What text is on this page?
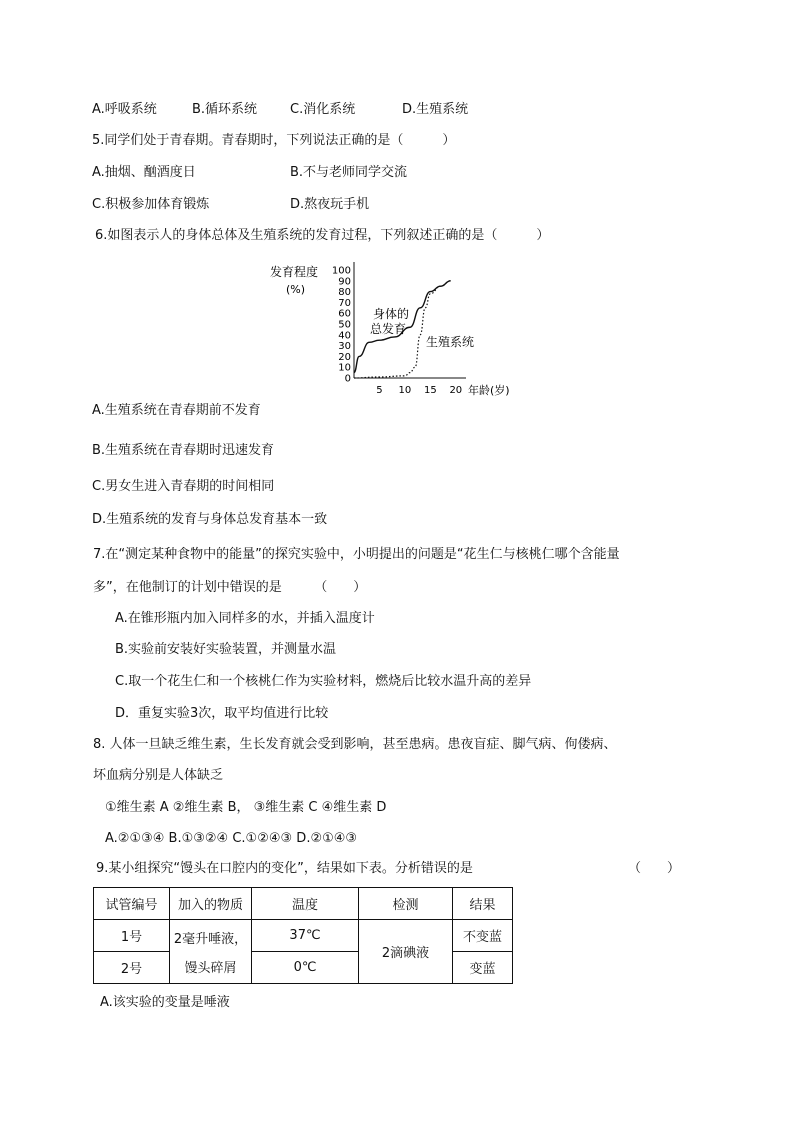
A.呼吸系统	B.循环系统	C.消化系统	D.生殖系统
5.同学们处于青春期。青春期时，下列说法正确的是（　　　）
A.抽烟、酗酒度日	B.不与老师同学交流
C.积极参加体育锻炼	D.熬夜玩手机
6.如图表示人的身体总体及生殖系统的发育过程，下列叙述正确的是（　　　）
发育程度
(%)
0
10
20
30
40
50
60
70
80
90
100
5 10 15 20
身体的
总发育
生殖系统
年龄(岁)
A.生殖系统在青春期前不发育
B.生殖系统在青春期时迅速发育
C.男女生进入青春期的时间相同
D.生殖系统的发育与身体总发育基本一致
7.在“测定某种食物中的能量”的探究实验中，小明提出的问题是“花生仁与核桃仁哪个含能量
多”，在他制订的计划中错误的是　　　（　　）
A.在锥形瓶内加入同样多的水，并插入温度计
B.实验前安装好实验装置，并测量水温
C.取一个花生仁和一个核桃仁作为实验材料，燃烧后比较水温升高的差异
D．重复实验3次，取平均值进行比较
8. 人体一旦缺乏维生素，生长发育就会受到影响，甚至患病。患夜盲症、脚气病、佝偻病、
坏血病分别是人体缺乏
①维生素 A ②维生素 B， ③维生素 C ④维生素 D
A.②①③④ B.①③②④ C.①②④③ D.②①④③
9.某小组探究“馒头在口腔内的变化”，结果如下表。分析错误的是	（　　）
试管编号	加入的物质	温度	检测	结果
1号	2毫升唾液，
馒头碎屑	37℃	2滴碘液	不变蓝
2号		0℃		变蓝
A.该实验的变量是唾液
